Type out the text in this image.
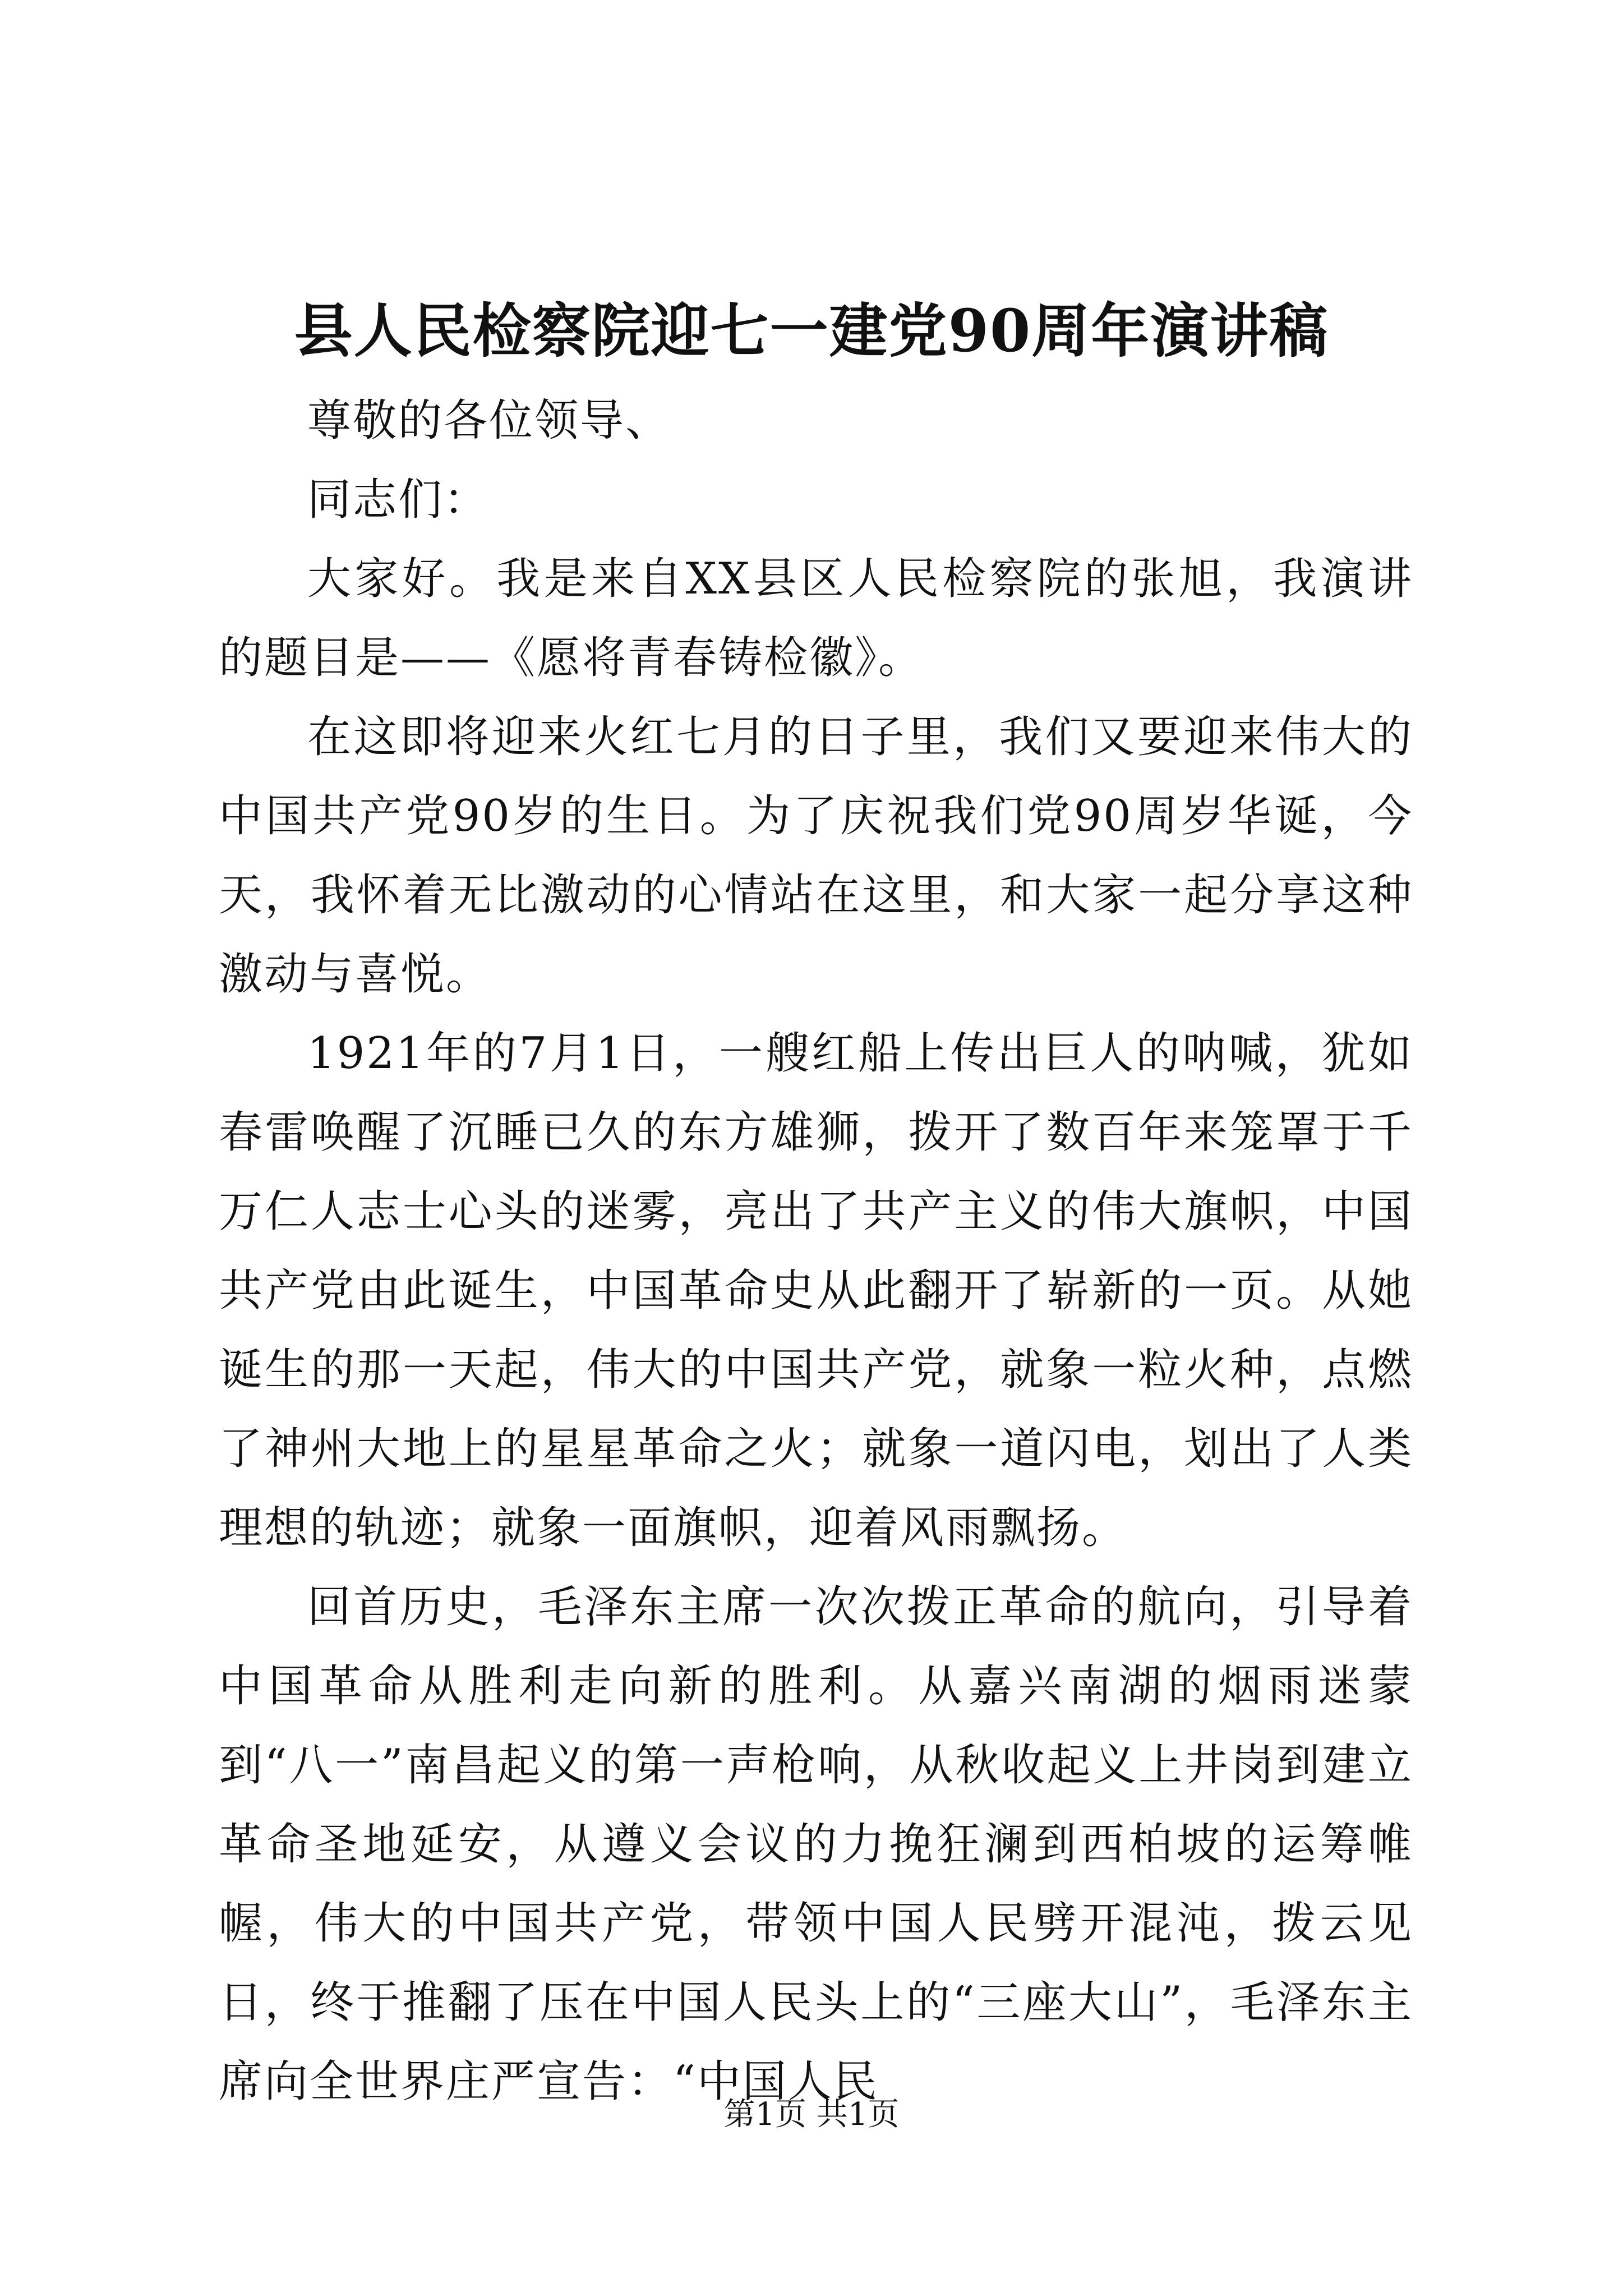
县人民检察院迎七一建党90周年演讲稿

尊敬的各位领导、

同志们：

大家好。我是来自XX县区人民检察院的张旭，我演讲的题目是——《愿将青春铸检徽》。

在这即将迎来火红七月的日子里，我们又要迎来伟大的中国共产党90岁的生日。为了庆祝我们党90周岁华诞，今天，我怀着无比激动的心情站在这里，和大家一起分享这种激动与喜悦。

1921年的7月1日，一艘红船上传出巨人的呐喊，犹如春雷唤醒了沉睡已久的东方雄狮，拨开了数百年来笼罩于千万仁人志士心头的迷雾，亮出了共产主义的伟大旗帜，中国共产党由此诞生，中国革命史从此翻开了崭新的一页。从她诞生的那一天起，伟大的中国共产党，就象一粒火种，点燃了神州大地上的星星革命之火；就象一道闪电，划出了人类理想的轨迹；就象一面旗帜，迎着风雨飘扬。

回首历史，毛泽东主席一次次拨正革命的航向，引导着中国革命从胜利走向新的胜利。从嘉兴南湖的烟雨迷蒙到“八一”南昌起义的第一声枪响，从秋收起义上井岗到建立革命圣地延安，从遵义会议的力挽狂澜到西柏坡的运筹帷幄，伟大的中国共产党，带领中国人民劈开混沌，拨云见日，终于推翻了压在中国人民头上的“三座大山”，毛泽东主席向全世界庄严宣告：“中国人民

第1页 共1页
